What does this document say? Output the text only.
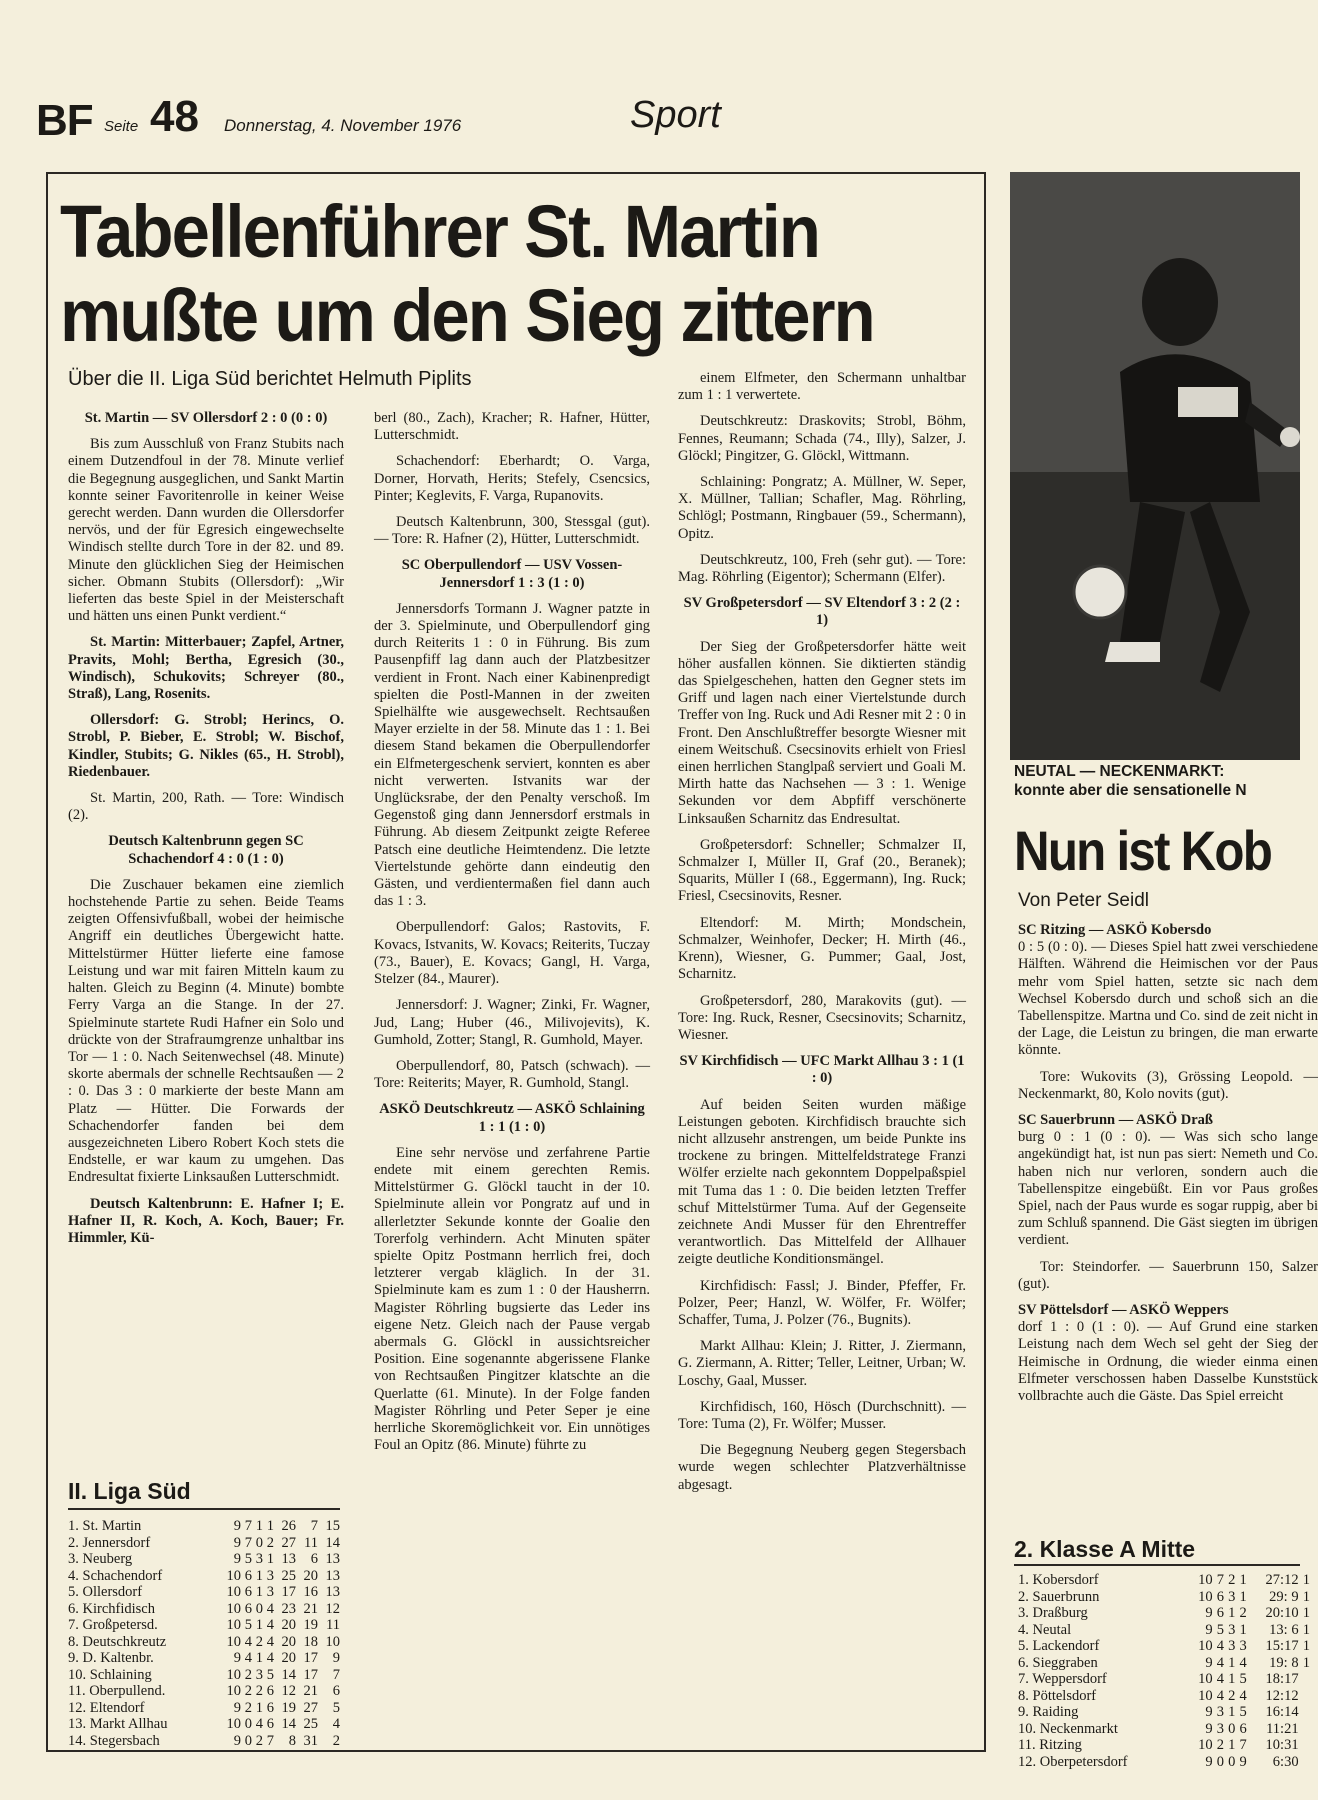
BF Seite 48 Donnerstag, 4. November 1976	Sport
Tabellenführer St. Martin
mußte um den Sieg zittern
Über die II. Liga Süd berichtet Helmuth Piplits
St. Martin — SV Ollersdorf 2 : 0 (0 : 0)

Bis zum Ausschluß von Franz Stubits nach einem Dutzendfoul in der 78. Minute verlief die Begegnung ausgeglichen, und Sankt Martin konnte seiner Favoritenrolle in keiner Weise gerecht werden. Dann wurden die Ollersdorfer nervös, und der für Egresich eingewechselte Windisch stellte durch Tore in der 82. und 89. Minute den glücklichen Sieg der Heimischen sicher. Obmann Stubits (Ollersdorf): „Wir lieferten das beste Spiel in der Meisterschaft und hätten uns einen Punkt verdient.“

St. Martin: Mitterbauer; Zapfel, Artner, Pravits, Mohl; Bertha, Egresich (30., Windisch), Schukovits; Schreyer (80., Straß), Lang, Rosenits.

Ollersdorf: G. Strobl; Herincs, O. Strobl, P. Bieber, E. Strobl; W. Bischof, Kindler, Stubits; G. Nikles (65., H. Strobl), Riedenbauer.

St. Martin, 200, Rath. — Tore: Windisch (2).

Deutsch Kaltenbrunn gegen SC Schachendorf 4 : 0 (1 : 0)

Die Zuschauer bekamen eine ziemlich hochstehende Partie zu sehen. Beide Teams zeigten Offensivfußball, wobei der heimische Angriff ein deutliches Übergewicht hatte. Mittelstürmer Hütter lieferte eine famose Leistung und war mit fairen Mitteln kaum zu halten. Gleich zu Beginn (4. Minute) bombte Ferry Varga an die Stange. In der 27. Spielminute startete Rudi Hafner ein Solo und drückte von der Strafraumgrenze unhaltbar ins Tor — 1 : 0. Nach Seitenwechsel (48. Minute) skorte abermals der schnelle Rechtsaußen — 2 : 0. Das 3 : 0 markierte der beste Mann am Platz — Hütter. Die Forwards der Schachendorfer fanden bei dem ausgezeichneten Libero Robert Koch stets die Endstelle, er war kaum zu umgehen. Das Endresultat fixierte Linksaußen Lutterschmidt.

Deutsch Kaltenbrunn: E. Hafner I; E. Hafner II, R. Koch, A. Koch, Bauer; Fr. Himmler, Kü-

II. Liga Süd
1. St. Martin	9	7	1	1	26	7	15
2. Jennersdorf	9	7	0	2	27	11	14
3. Neuberg	9	5	3	1	13	6	13
4. Schachendorf	10	6	1	3	25	20	13
5. Ollersdorf	10	6	1	3	17	16	13
6. Kirchfidisch	10	6	0	4	23	21	12
7. Großpetersd.	10	5	1	4	20	19	11
8. Deutschkreutz	10	4	2	4	20	18	10
9. D. Kaltenbr.	9	4	1	4	20	17	9
10. Schlaining	10	2	3	5	14	17	7
11. Oberpullend.	10	2	2	6	12	21	6
12. Eltendorf	9	2	1	6	19	27	5
13. Markt Allhau	10	0	4	6	14	25	4
14. Stegersbach	9	0	2	7	8	31	2

berl (80., Zach), Kracher; R. Hafner, Hütter, Lutterschmidt.

Schachendorf: Eberhardt; O. Varga, Dorner, Horvath, Herits; Stefely, Csencsics, Pinter; Keglevits, F. Varga, Rupanovits.

Deutsch Kaltenbrunn, 300, Stessgal (gut). — Tore: R. Hafner (2), Hütter, Lutterschmidt.

SC Oberpullendorf — USV Vossen-Jennersdorf 1 : 3 (1 : 0)

Jennersdorfs Tormann J. Wagner patzte in der 3. Spielminute, und Oberpullendorf ging durch Reiterits 1 : 0 in Führung. Bis zum Pausenpfiff lag dann auch der Platzbesitzer verdient in Front. Nach einer Kabinenpredigt spielten die Postl-Mannen in der zweiten Spielhälfte wie ausgewechselt. Rechtsaußen Mayer erzielte in der 58. Minute das 1 : 1. Bei diesem Stand bekamen die Oberpullendorfer ein Elfmetergeschenk serviert, konnten es aber nicht verwerten. Istvanits war der Unglücksrabe, der den Penalty verschoß. Im Gegenstoß ging dann Jennersdorf erstmals in Führung. Ab diesem Zeitpunkt zeigte Referee Patsch eine deutliche Heimtendenz. Die letzte Viertelstunde gehörte dann eindeutig den Gästen, und verdientermaßen fiel dann auch das 1 : 3.

Oberpullendorf: Galos; Rastovits, F. Kovacs, Istvanits, W. Kovacs; Reiterits, Tuczay (73., Bauer), E. Kovacs; Gangl, H. Varga, Stelzer (84., Maurer).

Jennersdorf: J. Wagner; Zinki, Fr. Wagner, Jud, Lang; Huber (46., Milivojevits), K. Gumhold, Zotter; Stangl, R. Gumhold, Mayer.

Oberpullendorf, 80, Patsch (schwach). — Tore: Reiterits; Mayer, R. Gumhold, Stangl.

ASKÖ Deutschkreutz — ASKÖ Schlaining 1 : 1 (1 : 0)

Eine sehr nervöse und zerfahrene Partie endete mit einem gerechten Remis. Mittelstürmer G. Glöckl taucht in der 10. Spielminute allein vor Pongratz auf und in allerletzter Sekunde konnte der Goalie den Torerfolg verhindern. Acht Minuten später spielte Opitz Postmann herrlich frei, doch letzterer vergab kläglich. In der 31. Spielminute kam es zum 1 : 0 der Hausherrn. Magister Röhrling bugsierte das Leder ins eigene Netz. Gleich nach der Pause vergab abermals G. Glöckl in aussichtsreicher Position. Eine sogenannte abgerissene Flanke von Rechtsaußen Pingitzer klatschte an die Querlatte (61. Minute). In der Folge fanden Magister Röhrling und Peter Seper je eine herrliche Skoremöglichkeit vor. Ein unnötiges Foul an Opitz (86. Minute) führte zu

einem Elfmeter, den Schermann unhaltbar zum 1 : 1 verwertete.

Deutschkreutz: Draskovits; Strobl, Böhm, Fennes, Reumann; Schada (74., Illy), Salzer, J. Glöckl; Pingitzer, G. Glöckl, Wittmann.

Schlaining: Pongratz; A. Müllner, W. Seper, X. Müllner, Tallian; Schafler, Mag. Röhrling, Schlögl; Postmann, Ringbauer (59., Schermann), Opitz.

Deutschkreutz, 100, Freh (sehr gut). — Tore: Mag. Röhrling (Eigentor); Schermann (Elfer).

SV Großpetersdorf — SV Eltendorf 3 : 2 (2 : 1)

Der Sieg der Großpetersdorfer hätte weit höher ausfallen können. Sie diktierten ständig das Spielgeschehen, hatten den Gegner stets im Griff und lagen nach einer Viertelstunde durch Treffer von Ing. Ruck und Adi Resner mit 2 : 0 in Front. Den Anschlußtreffer besorgte Wiesner mit einem Weitschuß. Csecsinovits erhielt von Friesl einen herrlichen Stanglpaß serviert und Goali M. Mirth hatte das Nachsehen — 3 : 1. Wenige Sekunden vor dem Abpfiff verschönerte Linksaußen Scharnitz das Endresultat.

Großpetersdorf: Schneller; Schmalzer II, Schmalzer I, Müller II, Graf (20., Beranek); Squarits, Müller I (68., Eggermann), Ing. Ruck; Friesl, Csecsinovits, Resner.

Eltendorf: M. Mirth; Mondschein, Schmalzer, Weinhofer, Decker; H. Mirth (46., Krenn), Wiesner, G. Pummer; Gaal, Jost, Scharnitz.

Großpetersdorf, 280, Marakovits (gut). — Tore: Ing. Ruck, Resner, Csecsinovits; Scharnitz, Wiesner.

SV Kirchfidisch — UFC Markt Allhau 3 : 1 (1 : 0)

Auf beiden Seiten wurden mäßige Leistungen geboten. Kirchfidisch brauchte sich nicht allzusehr anstrengen, um beide Punkte ins trockene zu bringen. Mittelfeldstratege Franzi Wölfer erzielte nach gekonntem Doppelpaßspiel mit Tuma das 1 : 0. Die beiden letzten Treffer schuf Mittelstürmer Tuma. Auf der Gegenseite zeichnete Andi Musser für den Ehrentreffer verantwortlich. Das Mittelfeld der Allhauer zeigte deutliche Konditionsmängel.

Kirchfidisch: Fassl; J. Binder, Pfeffer, Fr. Polzer, Peer; Hanzl, W. Wölfer, Fr. Wölfer; Schaffer, Tuma, J. Polzer (76., Bugnits).

Markt Allhau: Klein; J. Ritter, J. Ziermann, G. Ziermann, A. Ritter; Teller, Leitner, Urban; W. Loschy, Gaal, Musser.

Kirchfidisch, 160, Hösch (Durchschnitt). — Tore: Tuma (2), Fr. Wölfer; Musser.

Die Begegnung Neuberg gegen Stegersbach wurde wegen schlechter Platzverhältnisse abgesagt.

NEUTAL — NECKENMARKT:
konnte aber die sensationelle N
Nun ist Kob
Von Peter Seidl
SC Ritzing — ASKÖ Kobersdo

0 : 5 (0 : 0). — Dieses Spiel hatt zwei verschiedene Hälften. Während die Heimischen vor der Paus mehr vom Spiel hatten, setzte sic nach dem Wechsel Kobersdo durch und schoß sich an die Tabellenspitze. Martna und Co. sind de zeit nicht in der Lage, die Leistun zu bringen, die man erwarte könnte.

Tore: Wukovits (3), Grössing Leopold. — Neckenmarkt, 80, Kolo novits (gut).

SC Sauerbrunn — ASKÖ Draß

burg 0 : 1 (0 : 0). — Was sich scho lange angekündigt hat, ist nun pas siert: Nemeth und Co. haben nich nur verloren, sondern auch die Tabellenspitze eingebüßt. Ein vor Paus großes Spiel, nach der Paus wurde es sogar ruppig, aber bi zum Schluß spannend. Die Gäst siegten im übrigen verdient.

Tor: Steindorfer. — Sauerbrunn 150, Salzer (gut).

SV Pöttelsdorf — ASKÖ Weppers

dorf 1 : 0 (1 : 0). — Auf Grund eine starken Leistung nach dem Wech sel geht der Sieg der Heimische in Ordnung, die wieder einma einen Elfmeter verschossen haben Dasselbe Kunststück vollbrachte auch die Gäste. Das Spiel erreicht

2. Klasse A Mitte
1. Kobersdorf	10	7	2	1	27:12	1
2. Sauerbrunn	10	6	3	1	29: 9	1
3. Draßburg	9	6	1	2	20:10	1
4. Neutal	9	5	3	1	13: 6	1
5. Lackendorf	10	4	3	3	15:17	1
6. Sieggraben	9	4	1	4	19: 8	1
7. Weppersdorf	10	4	1	5	18:17	
8. Pöttelsdorf	10	4	2	4	12:12	
9. Raiding	9	3	1	5	16:14	
10. Neckenmarkt	9	3	0	6	11:21	
11. Ritzing	10	2	1	7	10:31	
12. Oberpetersdorf	9	0	0	9	6:30	
